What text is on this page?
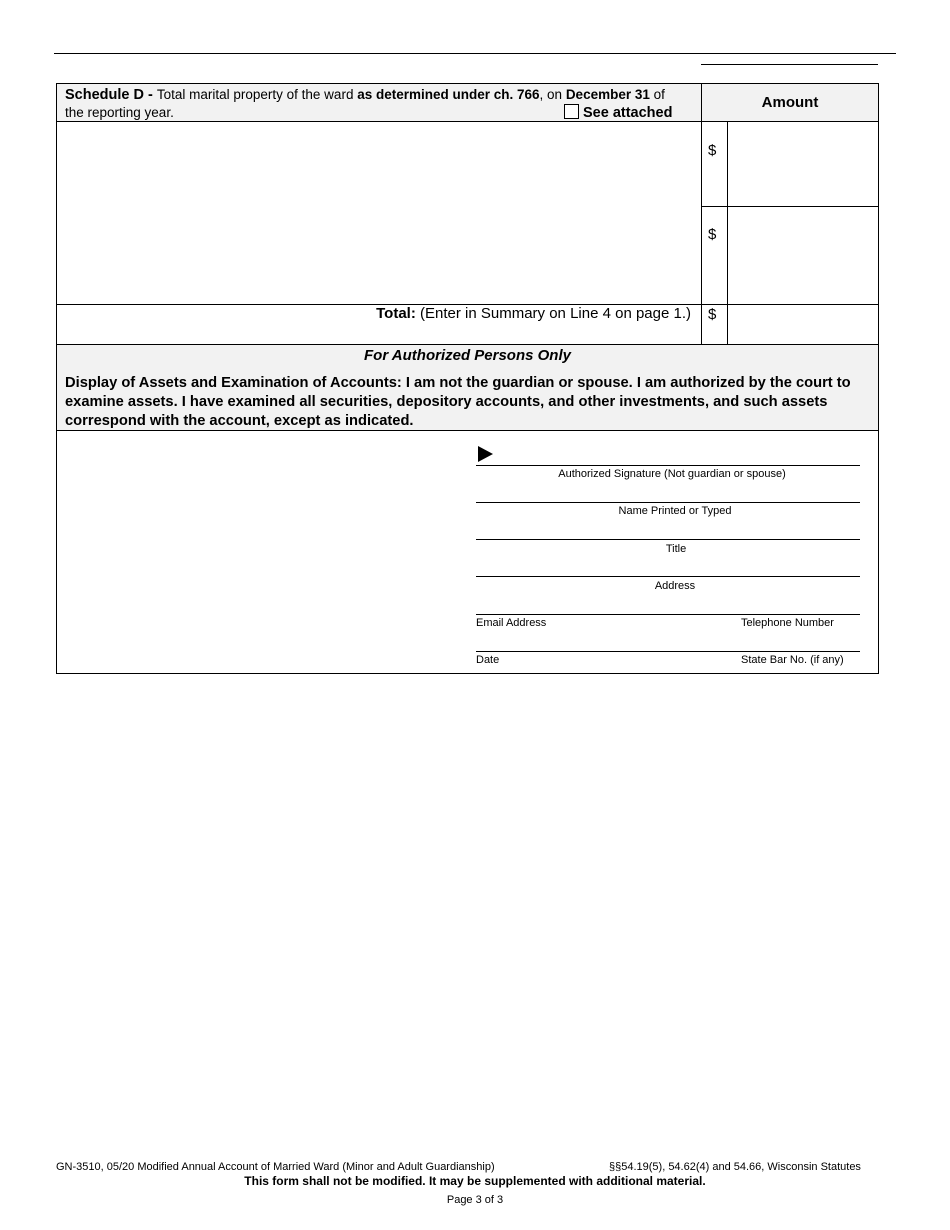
Schedule D - Total marital property of the ward as determined under ch. 766, on December 31 of
the reporting year.	See attached
Amount
$
$
Total: (Enter in Summary on Line 4 on page 1.) $
For Authorized Persons Only
Display of Assets and Examination of Accounts: I am not the guardian or spouse. I am authorized by the court to examine assets. I have examined all securities, depository accounts, and other investments, and such assets correspond with the account, except as indicated.
Authorized Signature (Not guardian or spouse)
Name Printed or Typed
Title
Address
Email Address	Telephone Number
Date	State Bar No. (if any)
GN-3510, 05/20 Modified Annual Account of Married Ward (Minor and Adult Guardianship)	§§54.19(5), 54.62(4) and 54.66, Wisconsin Statutes
This form shall not be modified. It may be supplemented with additional material.
Page 3 of 3
